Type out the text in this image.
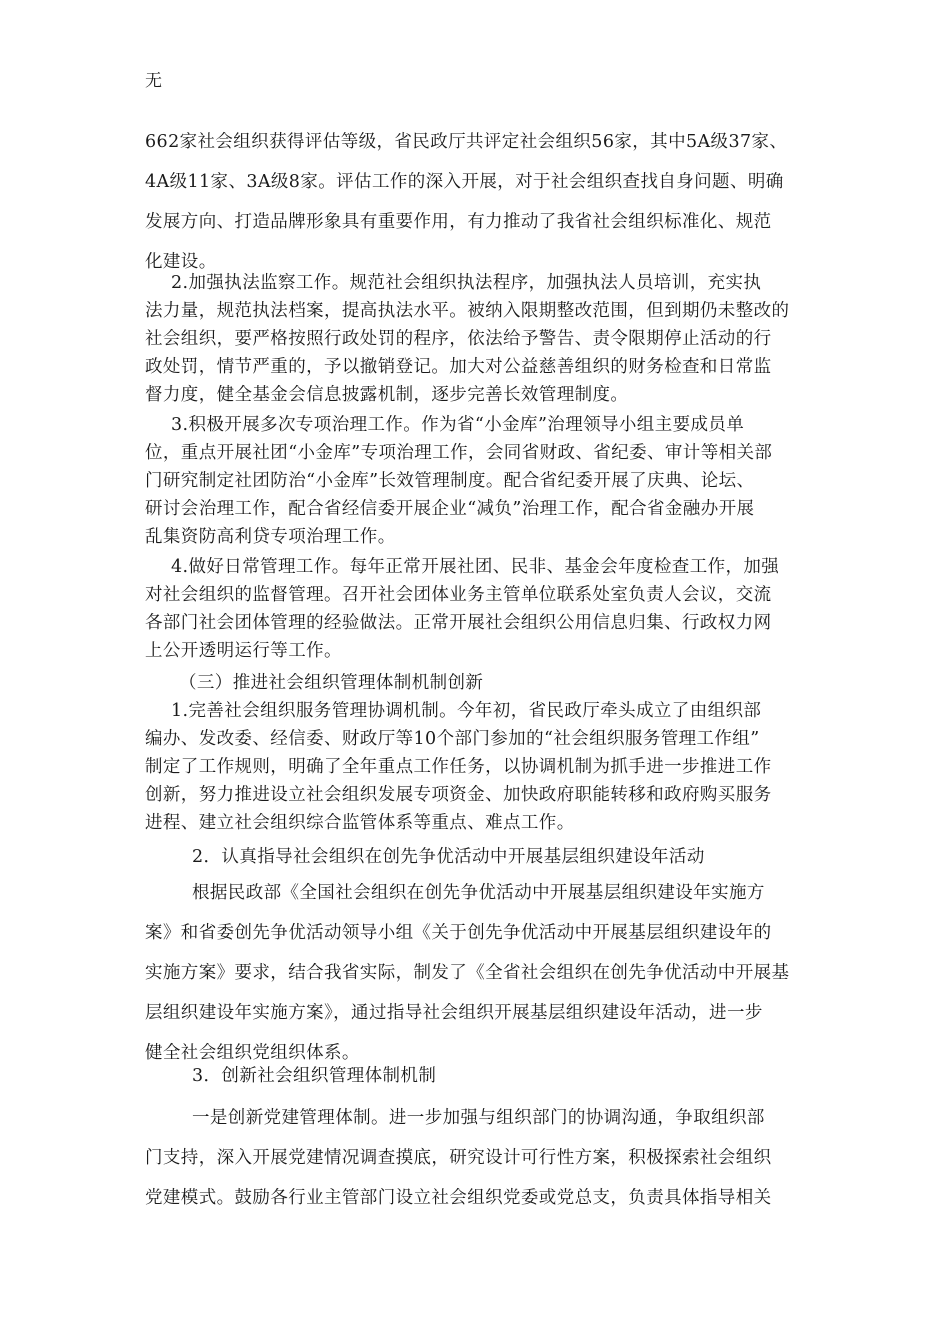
无
662家社会组织获得评估等级，省民政厅共评定社会组织56家，其中5A级37家、
4A级11家、3A级8家。评估工作的深入开展，对于社会组织查找自身问题、明确
发展方向、打造品牌形象具有重要作用，有力推动了我省社会组织标准化、规范
化建设。
2.加强执法监察工作。规范社会组织执法程序，加强执法人员培训，充实执
法力量，规范执法档案，提高执法水平。被纳入限期整改范围，但到期仍未整改的
社会组织，要严格按照行政处罚的程序，依法给予警告、责令限期停止活动的行
政处罚，情节严重的，予以撤销登记。加大对公益慈善组织的财务检查和日常监
督力度，健全基金会信息披露机制，逐步完善长效管理制度。
3.积极开展多次专项治理工作。作为省“小金库”治理领导小组主要成员单
位，重点开展社团“小金库”专项治理工作，会同省财政、省纪委、审计等相关部
门研究制定社团防治“小金库”长效管理制度。配合省纪委开展了庆典、论坛、
研讨会治理工作，配合省经信委开展企业“减负”治理工作，配合省金融办开展
乱集资防高利贷专项治理工作。
4.做好日常管理工作。每年正常开展社团、民非、基金会年度检查工作，加强
对社会组织的监督管理。召开社会团体业务主管单位联系处室负责人会议，交流
各部门社会团体管理的经验做法。正常开展社会组织公用信息归集、行政权力网
上公开透明运行等工作。
（三）推进社会组织管理体制机制创新
1.完善社会组织服务管理协调机制。今年初，省民政厅牵头成立了由组织部
编办、发改委、经信委、财政厅等10个部门参加的“社会组织服务管理工作组”
制定了工作规则，明确了全年重点工作任务，以协调机制为抓手进一步推进工作
创新，努力推进设立社会组织发展专项资金、加快政府职能转移和政府购买服务
进程、建立社会组织综合监管体系等重点、难点工作。
2．认真指导社会组织在创先争优活动中开展基层组织建设年活动
根据民政部《全国社会组织在创先争优活动中开展基层组织建设年实施方
案》和省委创先争优活动领导小组《关于创先争优活动中开展基层组织建设年的
实施方案》要求，结合我省实际，制发了《全省社会组织在创先争优活动中开展基
层组织建设年实施方案》，通过指导社会组织开展基层组织建设年活动，进一步
健全社会组织党组织体系。
3．创新社会组织管理体制机制
一是创新党建管理体制。进一步加强与组织部门的协调沟通，争取组织部
门支持，深入开展党建情况调查摸底，研究设计可行性方案，积极探索社会组织
党建模式。鼓励各行业主管部门设立社会组织党委或党总支，负责具体指导相关
